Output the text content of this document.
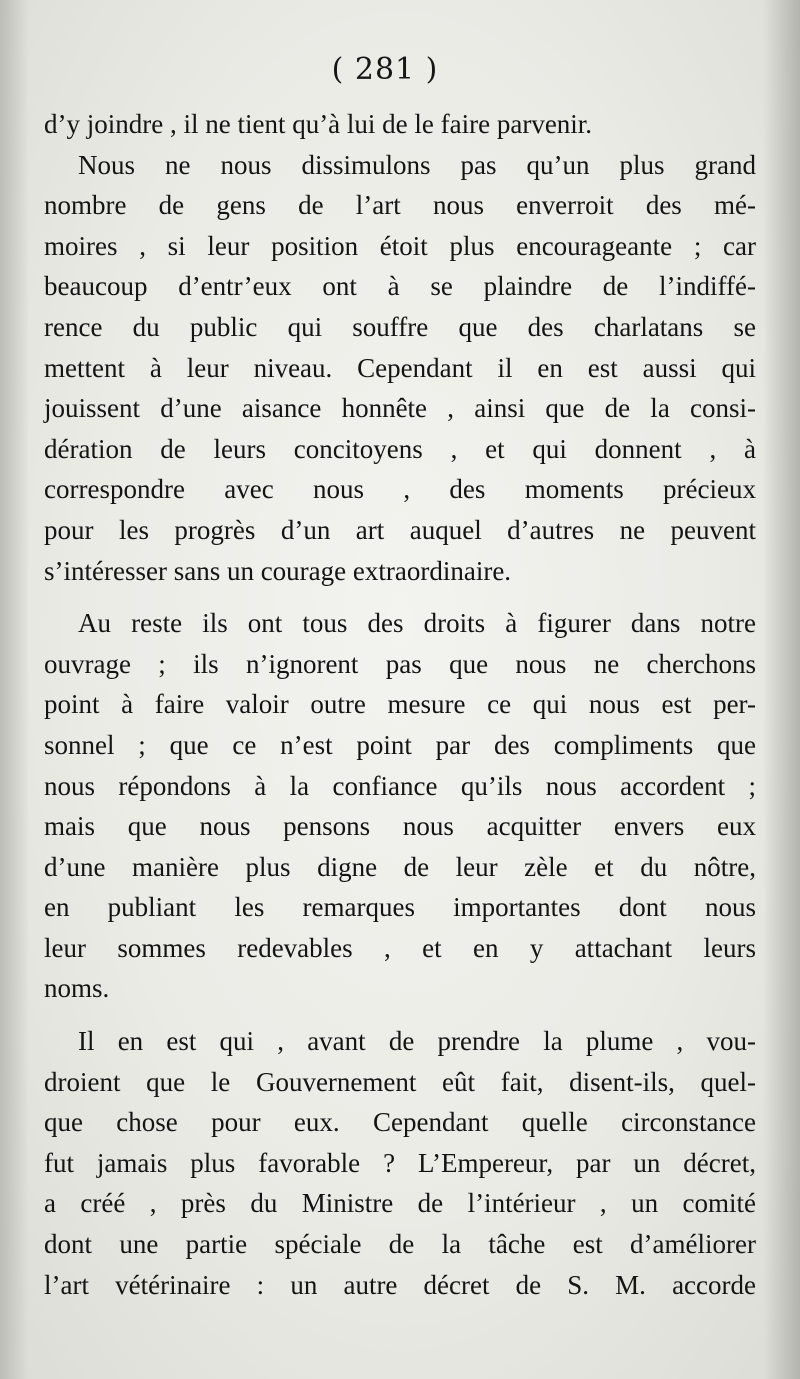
( 281 )
d’y joindre , il ne tient qu’à lui de le faire parvenir.
Nous ne nous dissimulons pas qu’un plus grand
nombre de gens de l’art nous enverroit des mé-
moires , si leur position étoit plus encourageante ; car
beaucoup d’entr’eux ont à se plaindre de l’indiffé-
rence du public qui souffre que des charlatans se
mettent à leur niveau. Cependant il en est aussi qui
jouissent d’une aisance honnête , ainsi que de la consi-
dération de leurs concitoyens , et qui donnent , à
correspondre avec nous , des moments précieux
pour les progrès d’un art auquel d’autres ne peuvent
s’intéresser sans un courage extraordinaire.
Au reste ils ont tous des droits à figurer dans notre
ouvrage ; ils n’ignorent pas que nous ne cherchons
point à faire valoir outre mesure ce qui nous est per-
sonnel ; que ce n’est point par des compliments que
nous répondons à la confiance qu’ils nous accordent ;
mais que nous pensons nous acquitter envers eux
d’une manière plus digne de leur zèle et du nôtre,
en publiant les remarques importantes dont nous
leur sommes redevables , et en y attachant leurs
noms.
Il en est qui , avant de prendre la plume , vou-
droient que le Gouvernement eût fait, disent-ils, quel-
que chose pour eux. Cependant quelle circonstance
fut jamais plus favorable ? L’Empereur, par un décret,
a créé , près du Ministre de l’intérieur , un comité
dont une partie spéciale de la tâche est d’améliorer
l’art vétérinaire : un autre décret de S. M. accorde
